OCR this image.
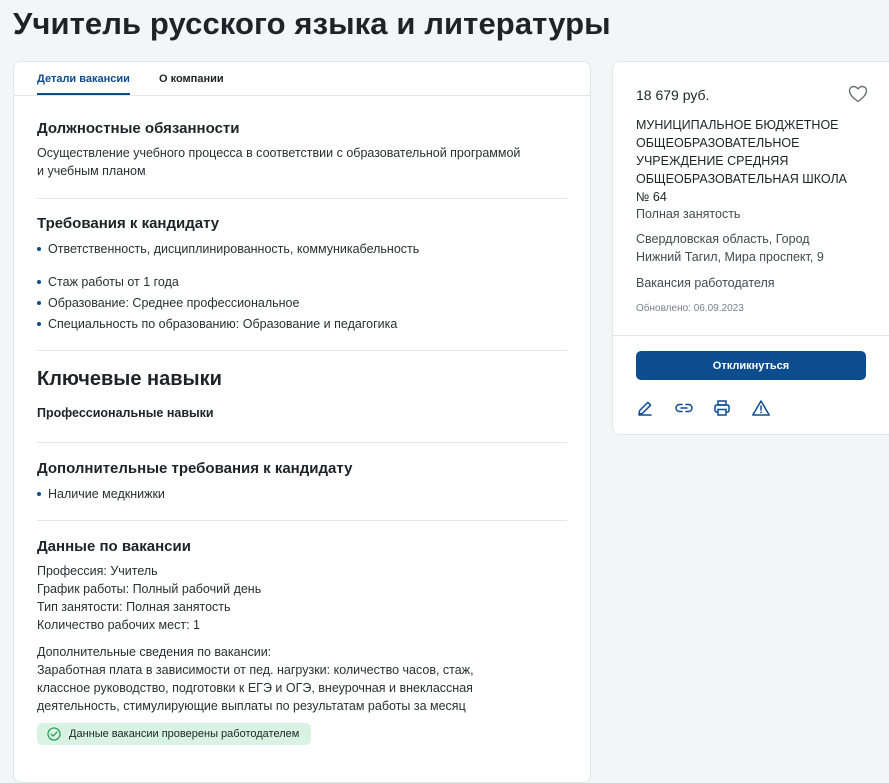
Учитель русского языка и литературы
Детали вакансии	О компании
Должностные обязанности
Осуществление учебного процесса в соответствии с образовательной программой
и учебным планом
Требования к кандидату
Ответственность, дисциплинированность, коммуникабельность
Стаж работы от 1 года
Образование: Среднее профессиональное
Специальность по образованию: Образование и педагогика
Ключевые навыки
Профессиональные навыки
Дополнительные требования к кандидату
Наличие медкнижки
Данные по вакансии
Профессия: Учитель
График работы: Полный рабочий день
Тип занятости: Полная занятость
Количество рабочих мест: 1
Дополнительные сведения по вакансии:
Заработная плата в зависимости от пед. нагрузки: количество часов, стаж,
классное руководство, подготовки к ЕГЭ и ОГЭ, внеурочная и внеклассная
деятельность, стимулирующие выплаты по результатам работы за месяц
Данные вакансии проверены работодателем
18 679 руб.
МУНИЦИПАЛЬНОЕ БЮДЖЕТНОЕ
ОБЩЕОБРАЗОВАТЕЛЬНОЕ
УЧРЕЖДЕНИЕ СРЕДНЯЯ
ОБЩЕОБРАЗОВАТЕЛЬНАЯ ШКОЛА
№ 64
Полная занятость
Свердловская область, Город
Нижний Тагил, Мира проспект, 9
Вакансия работодателя
Обновлено: 06.09.2023
Откликнуться
